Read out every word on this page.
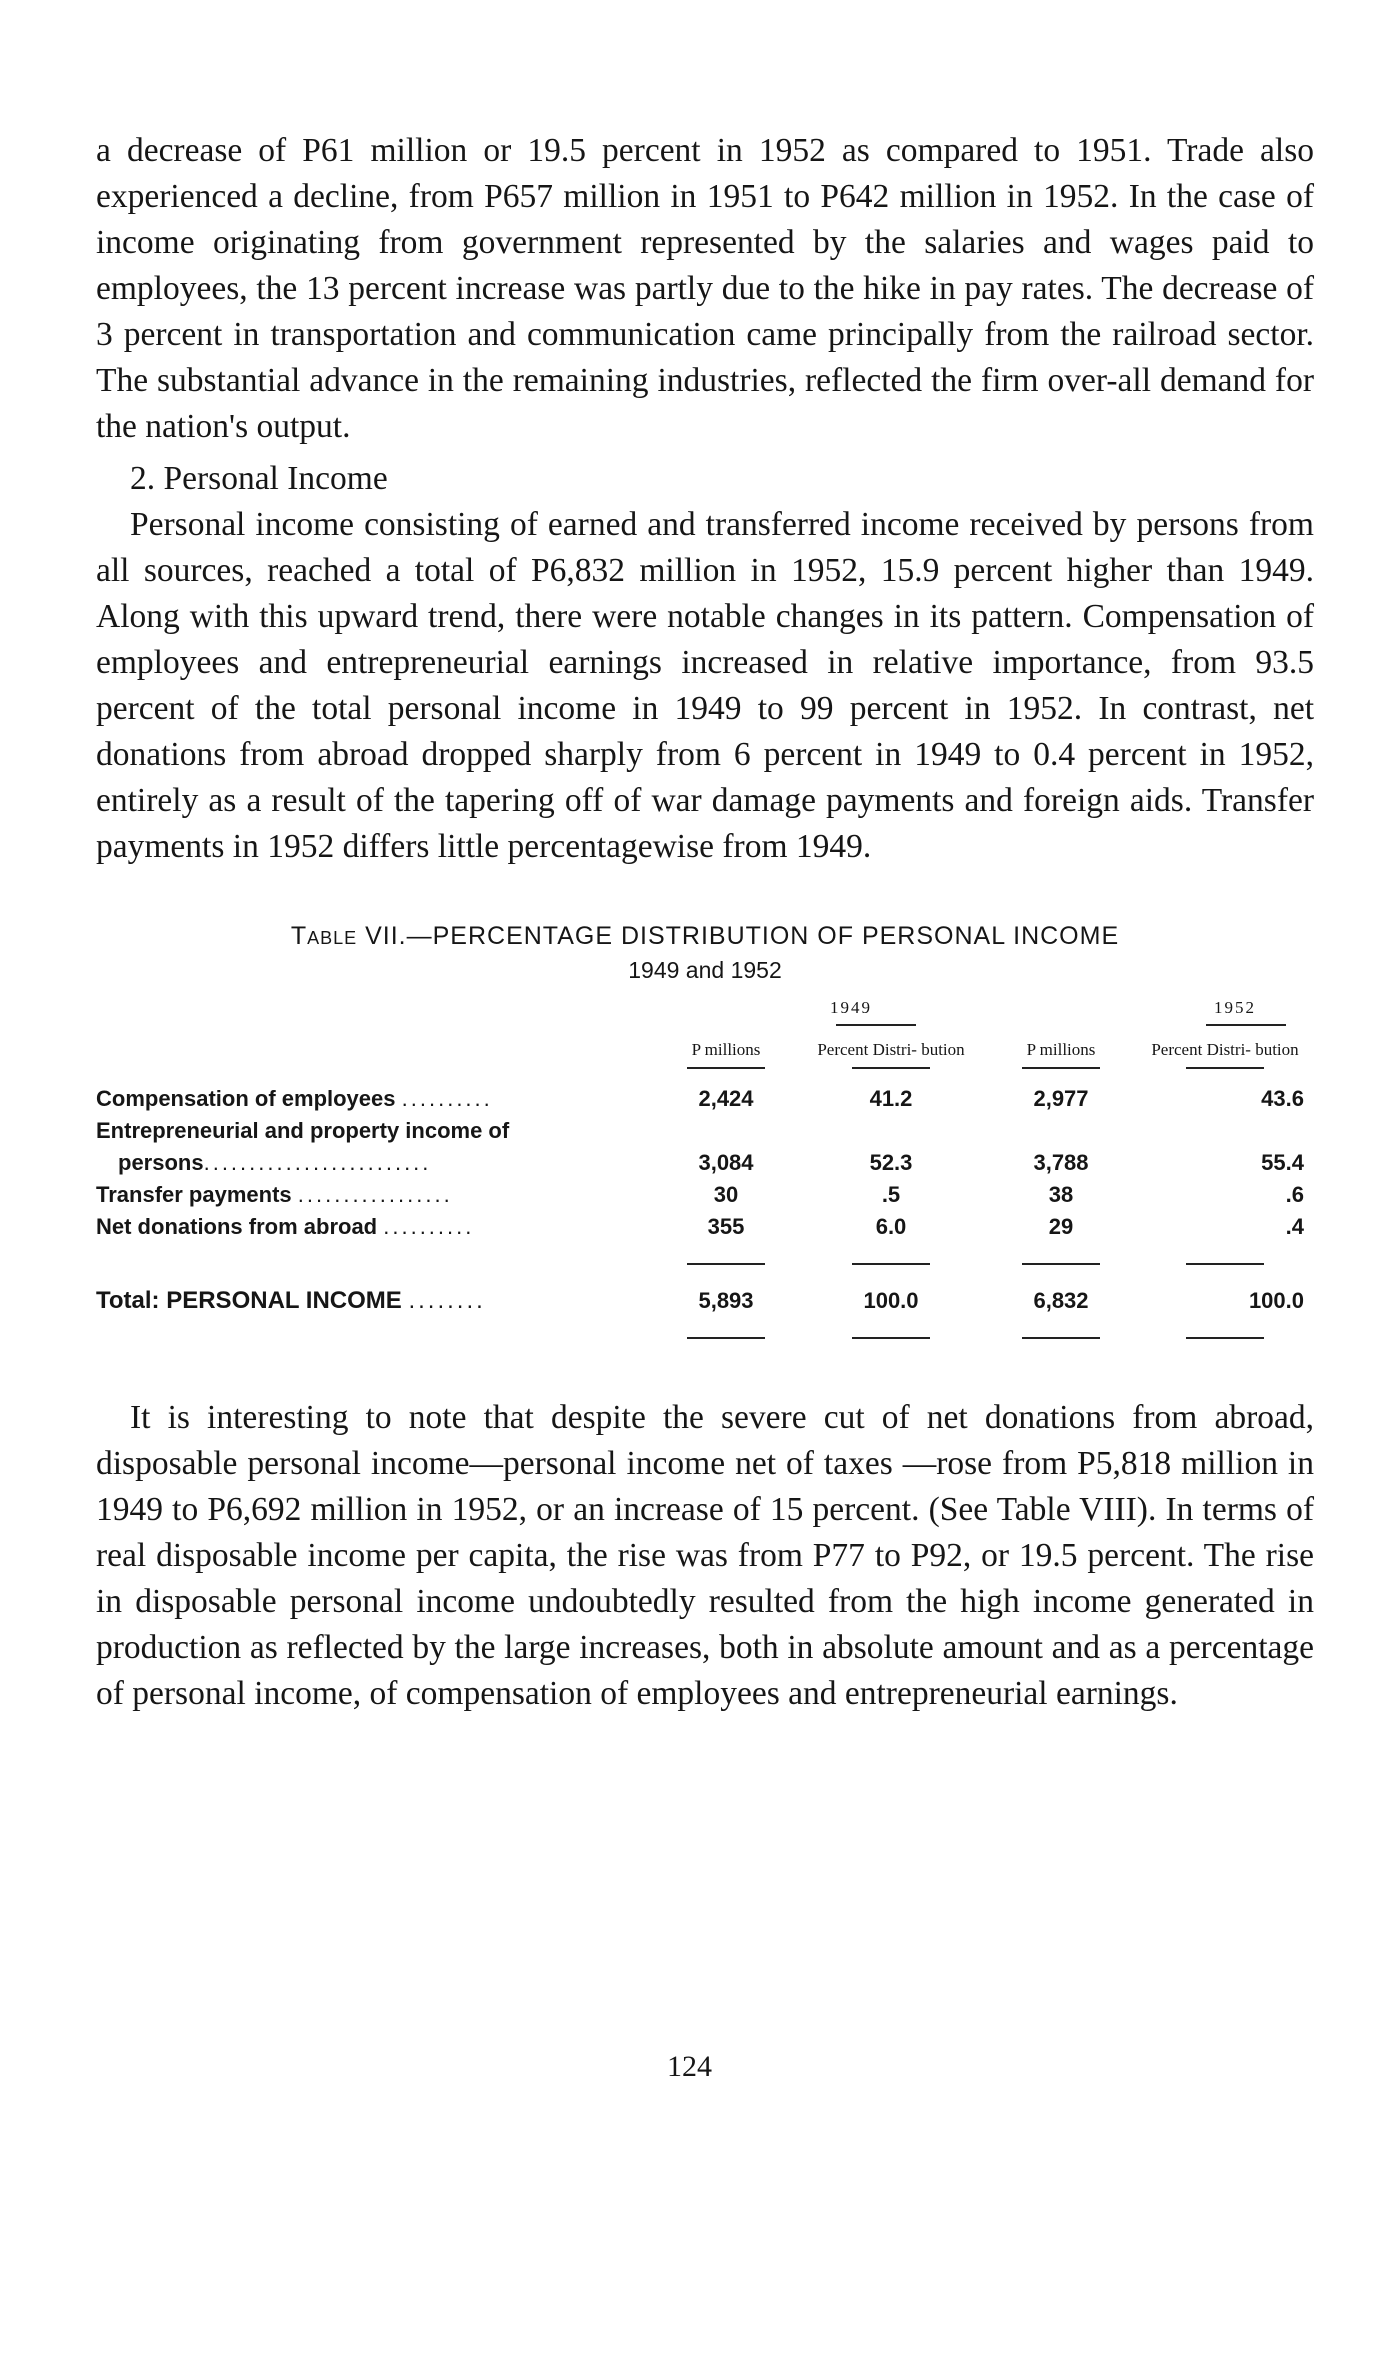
a decrease of P61 million or 19.5 percent in 1952 as compared to 1951. Trade also experienced a decline, from P657 million in 1951 to P642 million in 1952. In the case of income originating from government represented by the salaries and wages paid to employees, the 13 percent increase was partly due to the hike in pay rates. The decrease of 3 percent in transportation and communication came principally from the railroad sector. The substantial advance in the remaining industries, reflected the firm over-all demand for the nation's output.

2. Personal Income

Personal income consisting of earned and transferred income received by persons from all sources, reached a total of P6,832 million in 1952, 15.9 percent higher than 1949. Along with this upward trend, there were notable changes in its pattern. Compensation of employees and entrepreneurial earnings increased in relative importance, from 93.5 percent of the total personal income in 1949 to 99 percent in 1952. In contrast, net donations from abroad dropped sharply from 6 percent in 1949 to 0.4 percent in 1952, entirely as a result of the tapering off of war damage payments and foreign aids. Transfer payments in 1952 differs little percentagewise from 1949.

Table VII.—PERCENTAGE DISTRIBUTION OF PERSONAL INCOME
1949 and 1952
	1949		1952	

	P millions	Percent Distri- bution	P millions	Percent Distri- bution

Compensation of employees ..........	2,424	41.2	2,977	43.6
Entrepreneurial and property income of				
persons.........................	3,084	52.3	3,788	55.4
Transfer payments .................	30	.5	38	.6
Net donations from abroad ..........	355	6.0	29	.4

Total: PERSONAL INCOME ........	5,893	100.0	6,832	100.0

It is interesting to note that despite the severe cut of net donations from abroad, disposable personal income—personal income net of taxes —rose from P5,818 million in 1949 to P6,692 million in 1952, or an increase of 15 percent. (See Table VIII). In terms of real disposable income per capita, the rise was from P77 to P92, or 19.5 percent. The rise in disposable personal income undoubtedly resulted from the high income generated in production as reflected by the large increases, both in absolute amount and as a percentage of personal income, of compensation of employees and entrepreneurial earnings.

124
